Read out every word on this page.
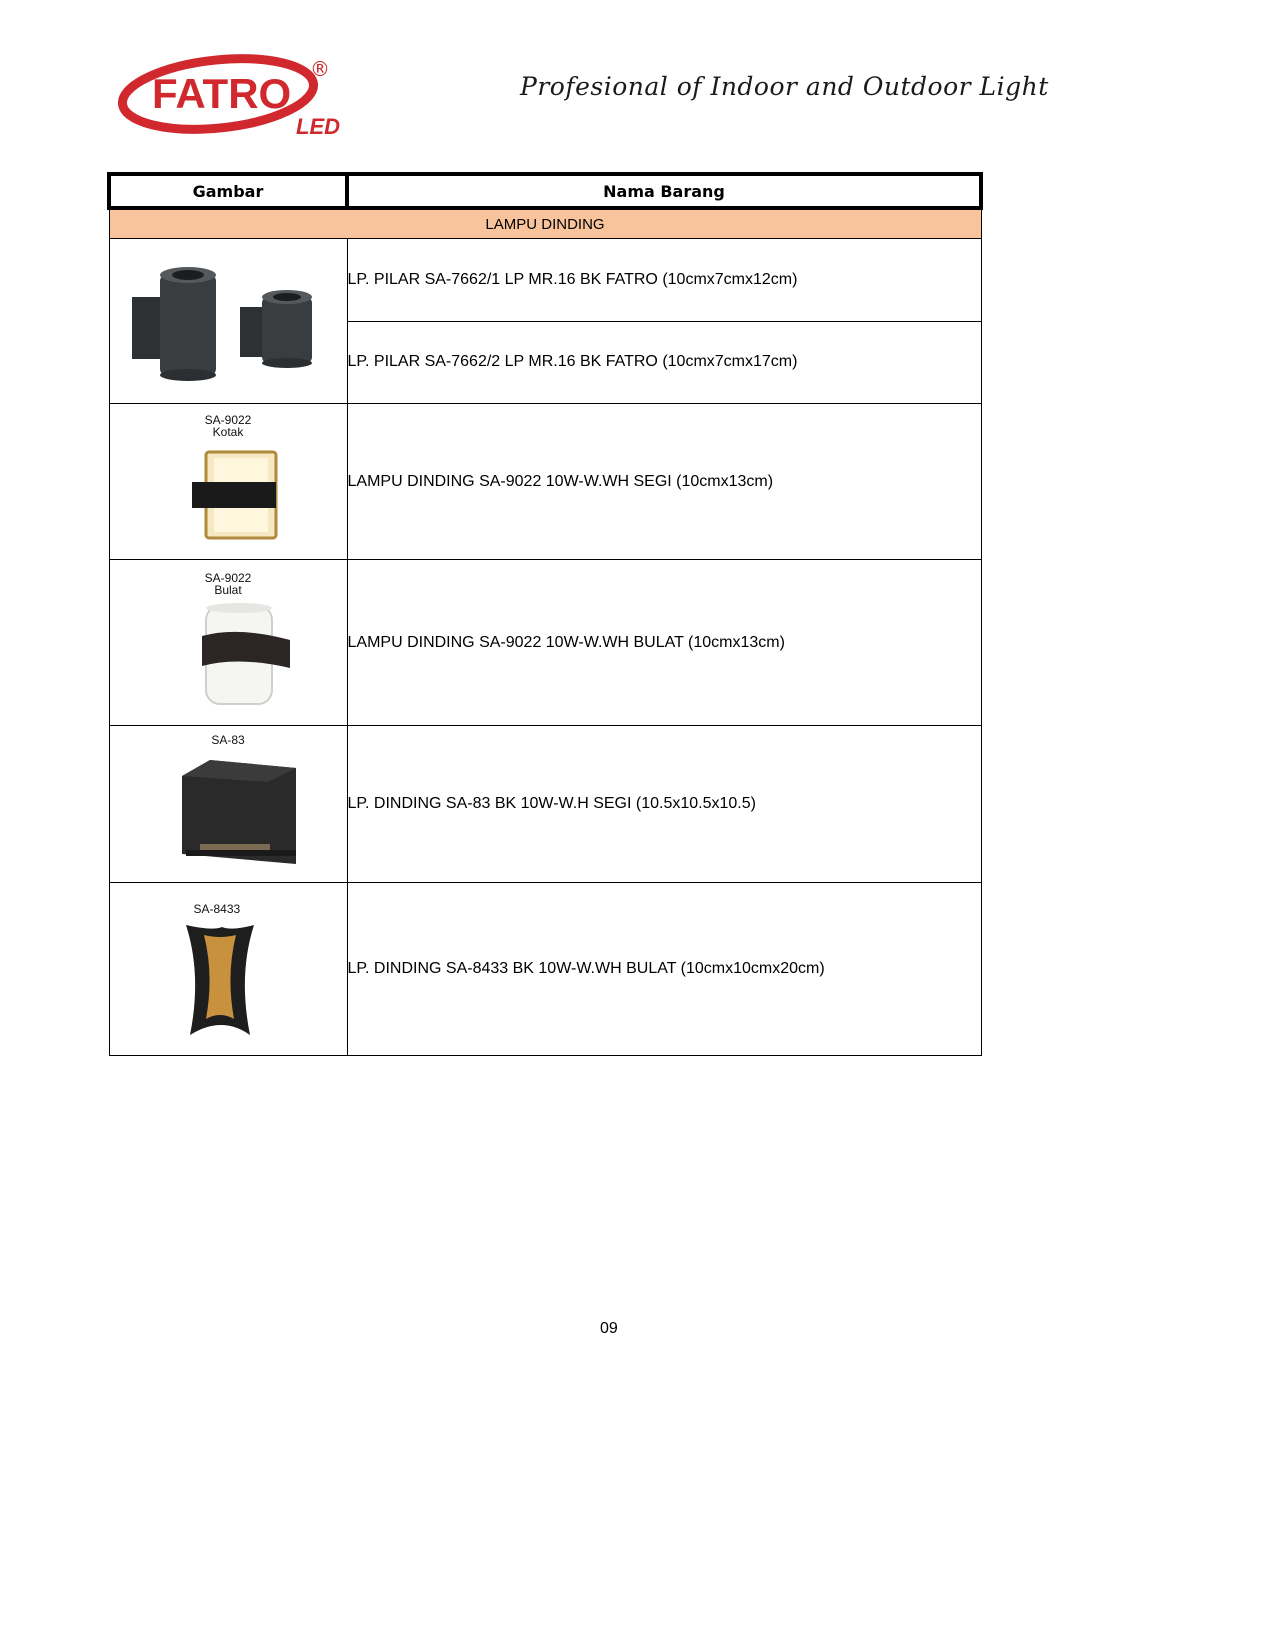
FATRO
LED
®
Profesional of Indoor and Outdoor Light
Gambar	Nama Barang
LAMPU DINDING	
	LP. PILAR SA-7662/1 LP MR.16 BK FATRO (10cmx7cmx12cm)
	LP. PILAR SA-7662/2 LP MR.16 BK FATRO (10cmx7cmx17cm)

SA-9022
Kotak	LAMPU DINDING SA-9022 10W-W.WH SEGI (10cmx13cm)

SA-9022
Bulat	LAMPU DINDING SA-9022 10W-W.WH BULAT (10cmx13cm)

SA-83	LP. DINDING SA-83 BK 10W-W.H SEGI (10.5x10.5x10.5)

SA-8433	LP. DINDING SA-8433 BK 10W-W.WH BULAT (10cmx10cmx20cm)
09
